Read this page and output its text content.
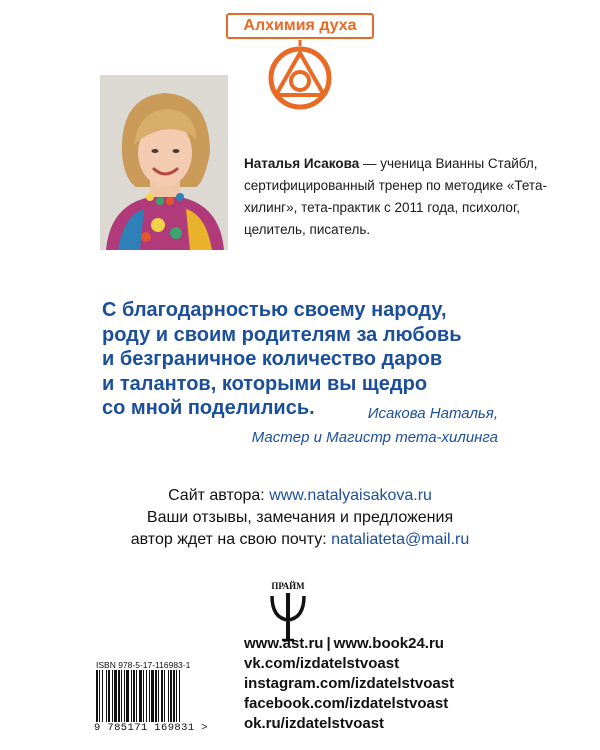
Алхимия духа
Наталья Исакова — ученица Вианны Стайбл, сертифицированный тренер по методике «Тета-хилинг», тета-практик с 2011 года, психолог, целитель, писатель.

С благодарностью своему народу,
роду и своим родителям за любовь
и безграничное количество даров
и талантов, которыми вы щедро
со мной поделились.	Исакова Наталья,
Мастер и Магистр тета-хилинга
Сайт автора: www.natalyaisakova.ru
Ваши отзывы, замечания и предложения
автор ждет на свою почту: nataliateta@mail.ru
ПРАЙМ
ISBN 978-5-17-116983-1
9 785171 169831 >
www.ast.ru | www.book24.ru
vk.com/izdatelstvoast
instagram.com/izdatelstvoast
facebook.com/izdatelstvoast
ok.ru/izdatelstvoast
